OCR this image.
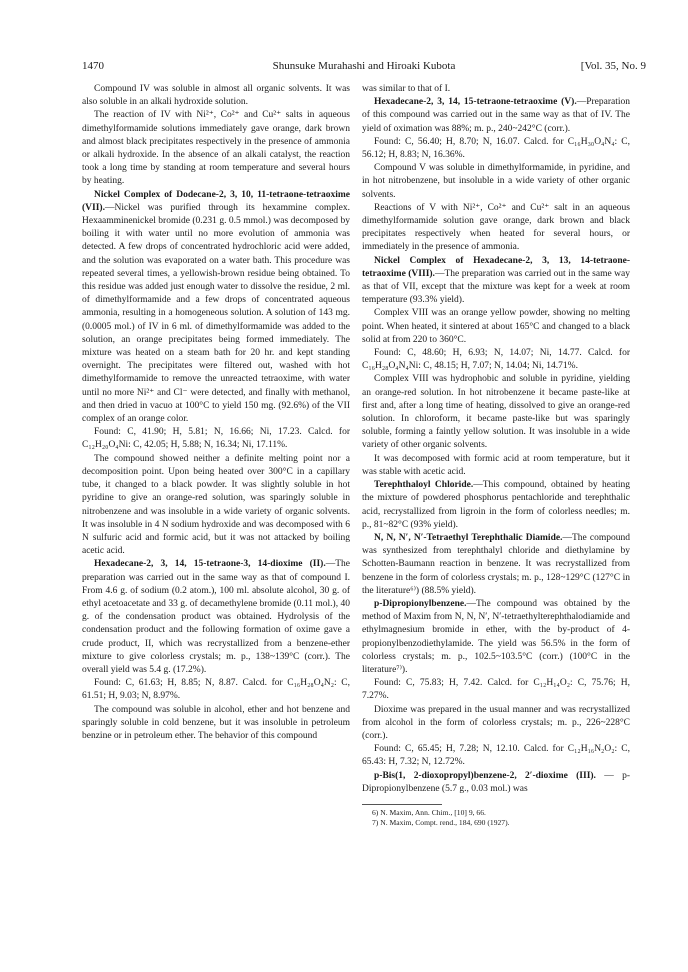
1470	Shunsuke Murahashi and Hiroaki Kubota	[Vol. 35, No. 9

Compound IV was soluble in almost all organic solvents. It was also soluble in an alkali hydroxide solution.

The reaction of IV with Ni²⁺, Co²⁺ and Cu²⁺ salts in aqueous dimethylformamide solutions immediately gave orange, dark brown and almost black precipitates respectively in the presence of ammonia or alkali hydroxide. In the absence of an alkali catalyst, the reaction took a long time by standing at room temperature and several hours by heating.

Nickel Complex of Dodecane-2, 3, 10, 11-tetraone-tetraoxime (VII).—Nickel was purified through its hexammine complex. Hexaamminenickel bromide (0.231 g. 0.5 mmol.) was decomposed by boiling it with water until no more evolution of ammonia was detected. A few drops of concentrated hydrochloric acid were added, and the solution was evaporated on a water bath. This procedure was repeated several times, a yellowish-brown residue being obtained. To this residue was added just enough water to dissolve the residue, 2 ml. of dimethylformamide and a few drops of concentrated aqueous ammonia, resulting in a homogeneous solution. A solution of 143 mg. (0.0005 mol.) of IV in 6 ml. of dimethylformamide was added to the solution, an orange precipitates being formed immediately. The mixture was heated on a steam bath for 20 hr. and kept standing overnight. The precipitates were filtered out, washed with hot dimethylformamide to remove the unreacted tetraoxime, with water until no more Ni²⁺ and Cl⁻ were detected, and finally with methanol, and then dried in vacuo at 100°C to yield 150 mg. (92.6%) of the VII complex of an orange color.

Found: C, 41.90; H, 5.81; N, 16.66; Ni, 17.23. Calcd. for C₁₂H₂₀O₄Ni: C, 42.05; H, 5.88; N, 16.34; Ni, 17.11%.

The compound showed neither a definite melting point nor a decomposition point. Upon being heated over 300°C in a capillary tube, it changed to a black powder. It was slightly soluble in hot pyridine to give an orange-red solution, was sparingly soluble in nitrobenzene and was insoluble in a wide variety of organic solvents. It was insoluble in 4 N sodium hydroxide and was decomposed with 6 N sulfuric acid and formic acid, but it was not attacked by boiling acetic acid.

Hexadecane-2, 3, 14, 15-tetraone-3, 14-dioxime (II).—The preparation was carried out in the same way as that of compound I. From 4.6 g. of sodium (0.2 atom.), 100 ml. absolute alcohol, 30 g. of ethyl acetoacetate and 33 g. of decamethylene bromide (0.11 mol.), 40 g. of the condensation product was obtained. Hydrolysis of the condensation product and the following formation of oxime gave a crude product, II, which was recrystallized from a benzene-ether mixture to give colorless crystals; m. p., 138~139°C (corr.). The overall yield was 5.4 g. (17.2%).

Found: C, 61.63; H, 8.85; N, 8.87. Calcd. for C₁₆H₂₈O₄N₂: C, 61.51; H, 9.03; N, 8.97%.

The compound was soluble in alcohol, ether and hot benzene and sparingly soluble in cold benzene, but it was insoluble in petroleum benzine or in petroleum ether. The behavior of this compound

was similar to that of I.

Hexadecane-2, 3, 14, 15-tetraone-tetraoxime (V).—Preparation of this compound was carried out in the same way as that of IV. The yield of oximation was 88%; m. p., 240~242°C (corr.).

Found: C, 56.40; H, 8.70; N, 16.07. Calcd. for C₁₆H₃₀O₄N₄: C, 56.12; H, 8.83; N, 16.36%.

Compound V was soluble in dimethylformamide, in pyridine, and in hot nitrobenzene, but insoluble in a wide variety of other organic solvents.

Reactions of V with Ni²⁺, Co²⁺ and Cu²⁺ salt in an aqueous dimethylformamide solution gave orange, dark brown and black precipitates respectively when heated for several hours, or immediately in the presence of ammonia.

Nickel Complex of Hexadecane-2, 3, 13, 14-tetraone-tetraoxime (VIII).—The preparation was carried out in the same way as that of VII, except that the mixture was kept for a week at room temperature (93.3% yield).

Complex VIII was an orange yellow powder, showing no melting point. When heated, it sintered at about 165°C and changed to a black solid at from 220 to 360°C.

Found: C, 48.60; H, 6.93; N, 14.07; Ni, 14.77. Calcd. for C₁₆H₂₈O₄N₄Ni: C, 48.15; H, 7.07; N, 14.04; Ni, 14.71%.

Complex VIII was hydrophobic and soluble in pyridine, yielding an orange-red solution. In hot nitrobenzene it became paste-like at first and, after a long time of heating, dissolved to give an orange-red solution. In chloroform, it became paste-like but was sparingly soluble, forming a faintly yellow solution. It was insoluble in a wide variety of other organic solvents.

It was decomposed with formic acid at room temperature, but it was stable with acetic acid.

Terephthaloyl Chloride.—This compound, obtained by heating the mixture of powdered phosphorus pentachloride and terephthalic acid, recrystallized from ligroin in the form of colorless needles; m. p., 81~82°C (93% yield).

N, N, N′, N′-Tetraethyl Terephthalic Diamide.—The compound was synthesized from terephthalyl chloride and diethylamine by Schotten-Baumann reaction in benzene. It was recrystallized from benzene in the form of colorless crystals; m. p., 128~129°C (127°C in the literature⁶⁾) (88.5% yield).

p-Dipropionylbenzene.—The compound was obtained by the method of Maxim from N, N, N′, N′-tetraethylterephthalodiamide and ethylmagnesium bromide in ether, with the by-product of 4-propionylbenzodiethylamide. The yield was 56.5% in the form of colorless crystals; m. p., 102.5~103.5°C (corr.) (100°C in the literature⁷⁾).

Found: C, 75.83; H, 7.42. Calcd. for C₁₂H₁₄O₂: C, 75.76; H, 7.27%.

Dioxime was prepared in the usual manner and was recrystallized from alcohol in the form of colorless crystals; m. p., 226~228°C (corr.).

Found: C, 65.45; H, 7.28; N, 12.10. Calcd. for C₁₂H₁₆N₂O₂: C, 65.43: H, 7.32; N, 12.72%.

p-Bis(1, 2-dioxopropyl)benzene-2, 2′-dioxime (III). — p-Dipropionylbenzene (5.7 g., 0.03 mol.) was

6) N. Maxim, Ann. Chim., [10] 9, 66.

7) N. Maxim, Compt. rend., 184, 690 (1927).
